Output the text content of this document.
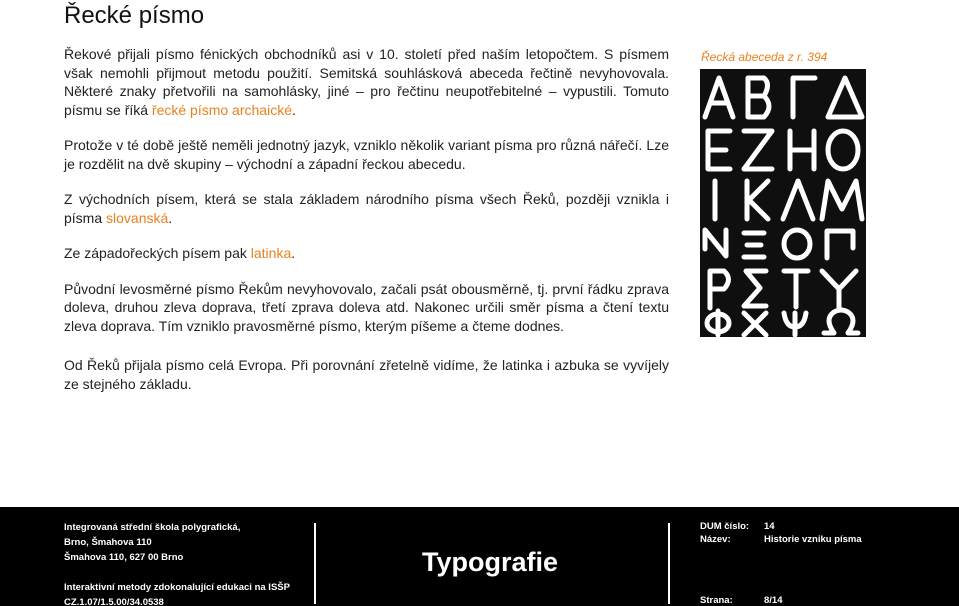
Řecké písmo

Řekové přijali písmo fénických obchodníků asi v 10. století před naším letopočtem. S písmem však nemohli přijmout metodu použití. Semitská souhlásková abeceda řečtině nevyhovovala. Některé znaky přetvořili na samohlásky, jiné – pro řečtinu neupotřebitelné – vypustili. Tomuto písmu se říká řecké písmo archaické.

Protože v té době ještě neměli jednotný jazyk, vzniklo několik variant písma pro různá nářečí. Lze je rozdělit na dvě skupiny – východní a západní řeckou abecedu.

Z východních písem, která se stala základem národního písma všech Řeků, později vznikla i písma slovanská.

Ze západořeckých písem pak latinka.

Původní levosměrné písmo Řekům nevyhovovalo, začali psát obousměrně, tj. první řádku zprava doleva, druhou zleva doprava, třetí zprava doleva atd. Nakonec určili směr písma a čtení textu zleva doprava. Tím vzniklo pravosměrné písmo, kterým píšeme a čteme dodnes.

Řecká abeceda z r. 394

Od Řeků přijala písmo celá Evropa. Při porovnání zřetelně vidíme, že latinka i azbuka se vyvíjely ze stejného základu.

Integrovaná střední škola polygrafická,
Brno, Šmahova 110
Šmahova 110, 627 00 Brno
Interaktivní metody zdokonalující edukaci na ISŠP
CZ.1.07/1.5.00/34.0538
Typografie
DUM číslo: 14
Název:	Historie vzniku písma
Strana:	8/14
